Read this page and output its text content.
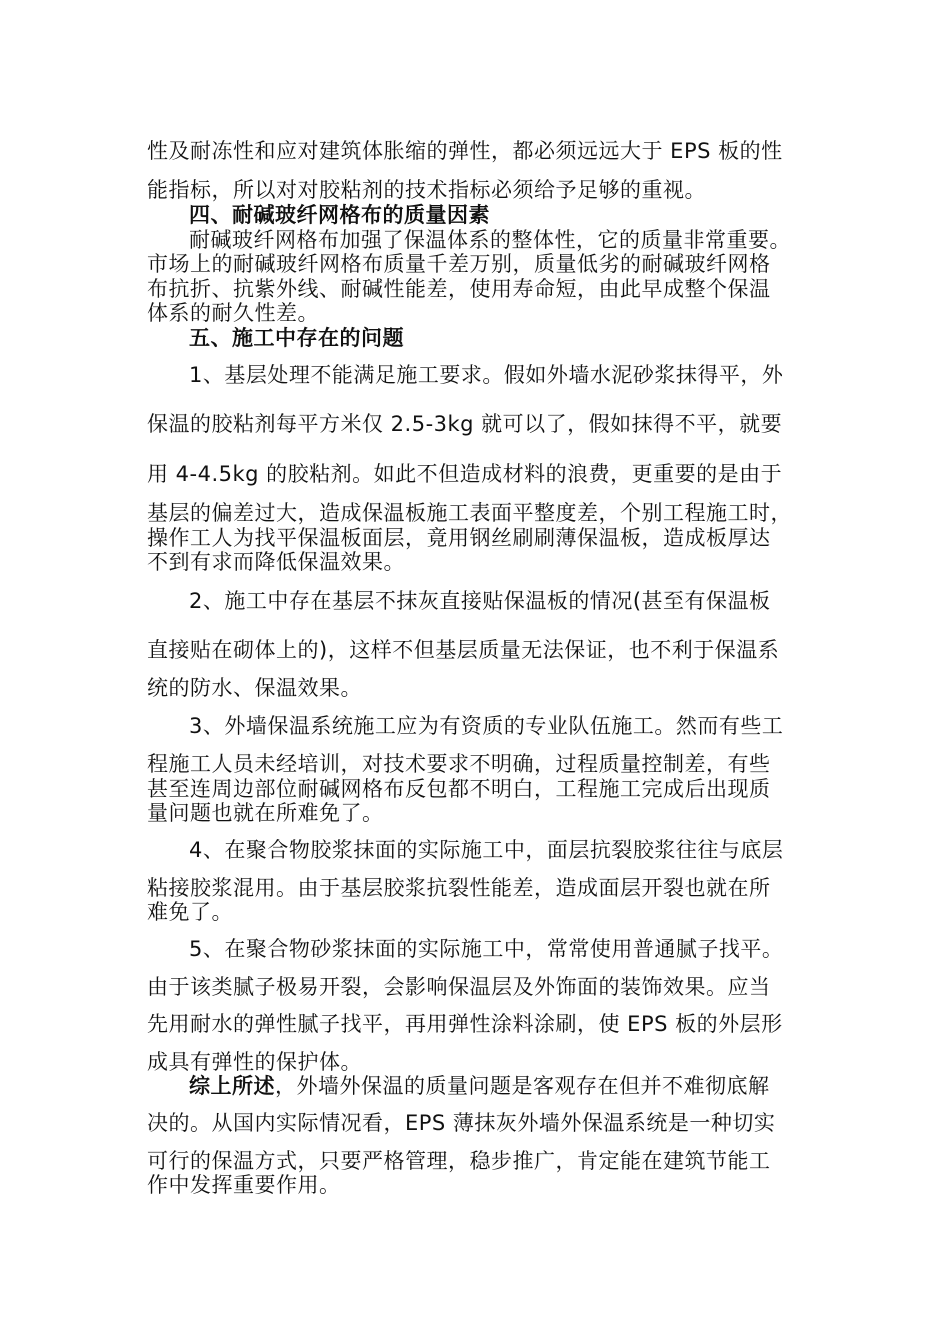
性及耐冻性和应对建筑体胀缩的弹性，都必须远远大于 EPS 板的性
能指标，所以对对胶粘剂的技术指标必须给予足够的重视。
四、耐碱玻纤网格布的质量因素
耐碱玻纤网格布加强了保温体系的整体性，它的质量非常重要。
市场上的耐碱玻纤网格布质量千差万别，质量低劣的耐碱玻纤网格
布抗折、抗紫外线、耐碱性能差，使用寿命短，由此早成整个保温
体系的耐久性差。
五、施工中存在的问题
1、基层处理不能满足施工要求。假如外墙水泥砂浆抹得平，外
保温的胶粘剂每平方米仅 2.5-3kg 就可以了，假如抹得不平，就要
用 4-4.5kg 的胶粘剂。如此不但造成材料的浪费，更重要的是由于
基层的偏差过大，造成保温板施工表面平整度差，个别工程施工时，
操作工人为找平保温板面层，竟用钢丝刷刷薄保温板，造成板厚达
不到有求而降低保温效果。
2、施工中存在基层不抹灰直接贴保温板的情况(甚至有保温板
直接贴在砌体上的)，这样不但基层质量无法保证，也不利于保温系
统的防水、保温效果。
3、外墙保温系统施工应为有资质的专业队伍施工。然而有些工
程施工人员未经培训，对技术要求不明确，过程质量控制差，有些
甚至连周边部位耐碱网格布反包都不明白，工程施工完成后出现质
量问题也就在所难免了。
4、在聚合物胶浆抹面的实际施工中，面层抗裂胶浆往往与底层
粘接胶浆混用。由于基层胶浆抗裂性能差，造成面层开裂也就在所
难免了。
5、在聚合物砂浆抹面的实际施工中，常常使用普通腻子找平。
由于该类腻子极易开裂，会影响保温层及外饰面的装饰效果。应当
先用耐水的弹性腻子找平，再用弹性涂料涂刷，使 EPS 板的外层形
成具有弹性的保护体。
综上所述，外墙外保温的质量问题是客观存在但并不难彻底解
决的。从国内实际情况看，EPS 薄抹灰外墙外保温系统是一种切实
可行的保温方式，只要严格管理，稳步推广，肯定能在建筑节能工
作中发挥重要作用。
